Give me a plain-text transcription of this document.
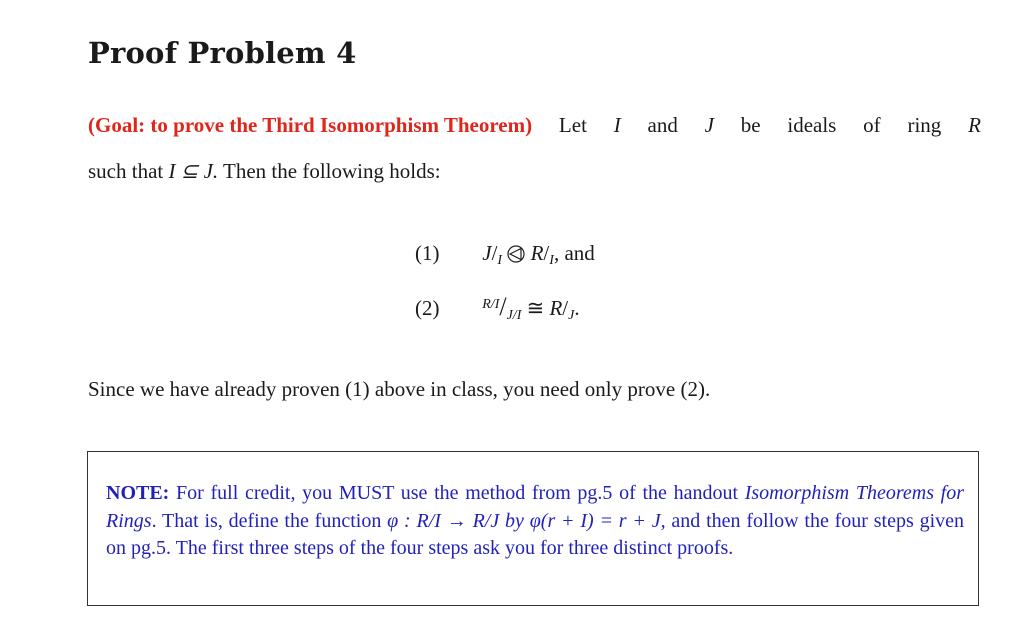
Proof Problem 4
(Goal: to prove the Third Isomorphism Theorem) Let I and J be ideals of ring R
such that I ⊆ J. Then the following holds:
(1) J/I R/I, and
(2)	$^{R/I}$/J/I ≅ R/J.
Since we have already proven (1) above in class, you need only prove (2).
NOTE: For full credit, you MUST use the method from pg.5 of the handout Isomorphism Theorems for Rings. That is, define the function φ : R/I → R/J by φ(r + I) = r + J, and then follow the four steps given on pg.5. The first three steps of the four steps ask you for three distinct proofs.
